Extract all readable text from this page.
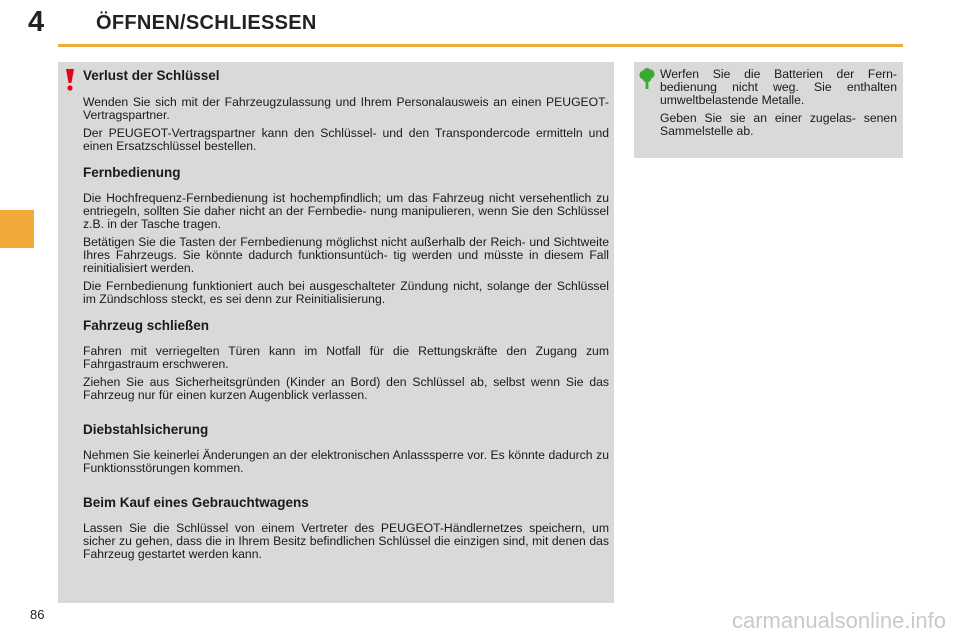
4	ÖFFNEN/SCHLIESSEN
Verlust der Schlüssel

Wenden Sie sich mit der Fahrzeugzulassung und Ihrem Personalausweis an einen PEUGEOT-Vertragspartner.

Der PEUGEOT-Vertragspartner kann den Schlüssel- und den Transpondercode ermitteln und einen Ersatzschlüssel bestellen.

Fernbedienung

Die Hochfrequenz-Fernbedienung ist hochempfindlich; um das Fahrzeug nicht versehentlich zu entriegeln, sollten Sie daher nicht an der Fernbedie- nung manipulieren, wenn Sie den Schlüssel z.B. in der Tasche tragen.

Betätigen Sie die Tasten der Fernbedienung möglichst nicht außerhalb der Reich- und Sichtweite Ihres Fahrzeugs. Sie könnte dadurch funktionsuntüch- tig werden und müsste in diesem Fall reinitialisiert werden.

Die Fernbedienung funktioniert auch bei ausgeschalteter Zündung nicht, solange der Schlüssel im Zündschloss steckt, es sei denn zur Reinitialisierung.

Fahrzeug schließen

Fahren mit verriegelten Türen kann im Notfall für die Rettungskräfte den Zugang zum Fahrgastraum erschweren.

Ziehen Sie aus Sicherheitsgründen (Kinder an Bord) den Schlüssel ab, selbst wenn Sie das Fahrzeug nur für einen kurzen Augenblick verlassen.

Diebstahlsicherung

Nehmen Sie keinerlei Änderungen an der elektronischen Anlasssperre vor. Es könnte dadurch zu Funktionsstörungen kommen.

Beim Kauf eines Gebrauchtwagens

Lassen Sie die Schlüssel von einem Vertreter des PEUGEOT-Händlernetzes speichern, um sicher zu gehen, dass die in Ihrem Besitz befindlichen Schlüssel die einzigen sind, mit denen das Fahrzeug gestartet werden kann.

Werfen Sie die Batterien der Fern- bedienung nicht weg. Sie enthalten umweltbelastende Metalle.

Geben Sie sie an einer zugelas- senen Sammelstelle ab.

86	carmanualsonline.info
